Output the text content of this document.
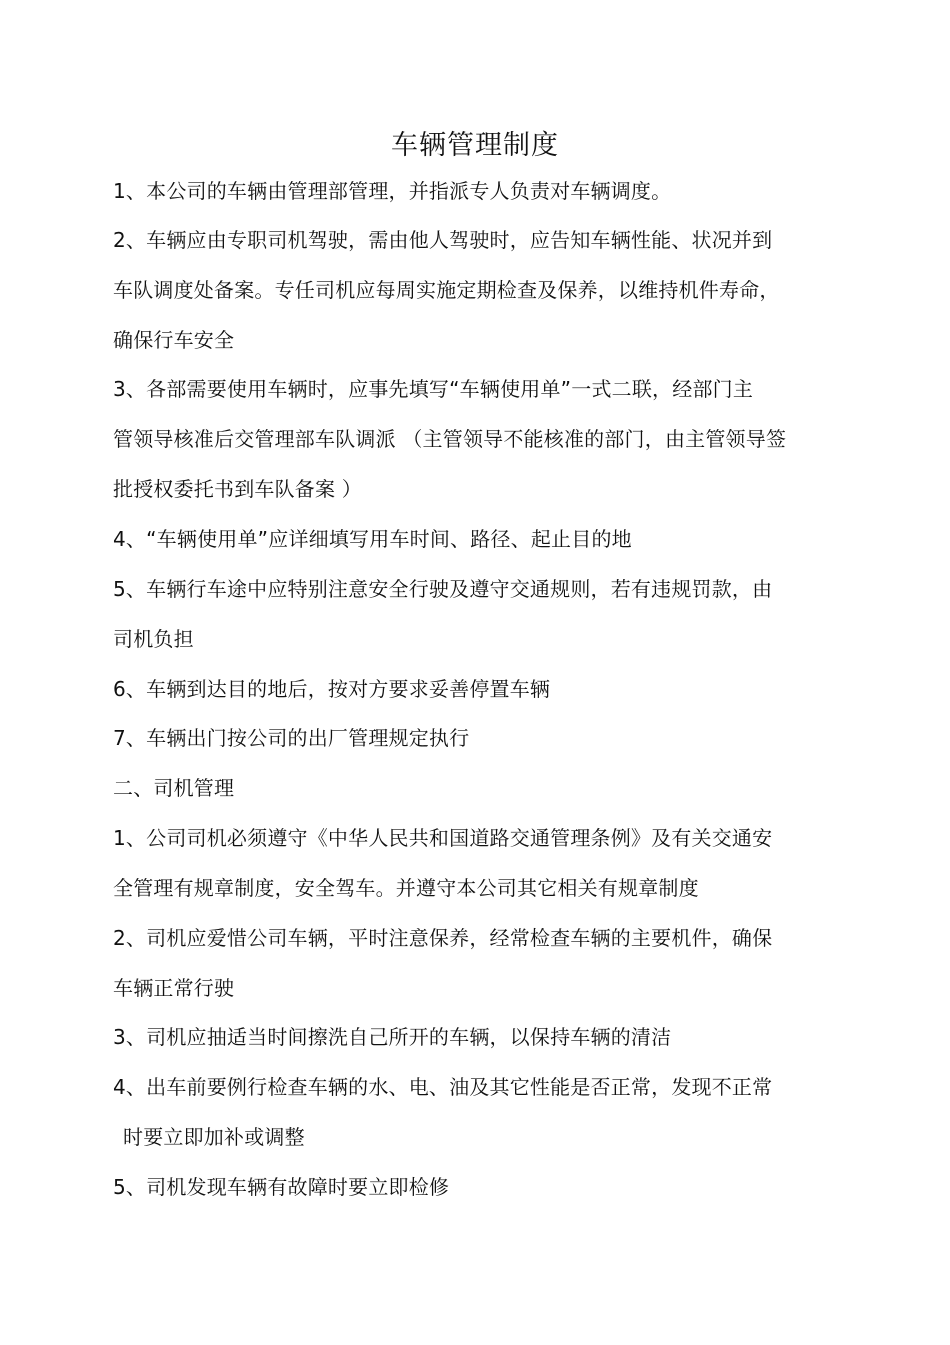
车辆管理制度
1、本公司的车辆由管理部管理，并指派专人负责对车辆调度。
2、车辆应由专职司机驾驶，需由他人驾驶时，应告知车辆性能、状况并到
车队调度处备案。专任司机应每周实施定期检查及保养，以维持机件寿命，
确保行车安全
3、各部需要使用车辆时，应事先填写“车辆使用单”一式二联，经部门主
管领导核准后交管理部车队调派 （主管领导不能核准的部门，由主管领导签
批授权委托书到车队备案 ）
4、“车辆使用单”应详细填写用车时间、路径、起止目的地
5、车辆行车途中应特别注意安全行驶及遵守交通规则，若有违规罚款，由
司机负担
6、车辆到达目的地后，按对方要求妥善停置车辆
7、车辆出门按公司的出厂管理规定执行
二、司机管理
1、公司司机必须遵守《中华人民共和国道路交通管理条例》及有关交通安
全管理有规章制度，安全驾车。并遵守本公司其它相关有规章制度
2、司机应爱惜公司车辆，平时注意保养，经常检查车辆的主要机件，确保
车辆正常行驶
3、司机应抽适当时间擦洗自己所开的车辆，以保持车辆的清洁
4、出车前要例行检查车辆的水、电、油及其它性能是否正常，发现不正常
时要立即加补或调整
5、司机发现车辆有故障时要立即检修
